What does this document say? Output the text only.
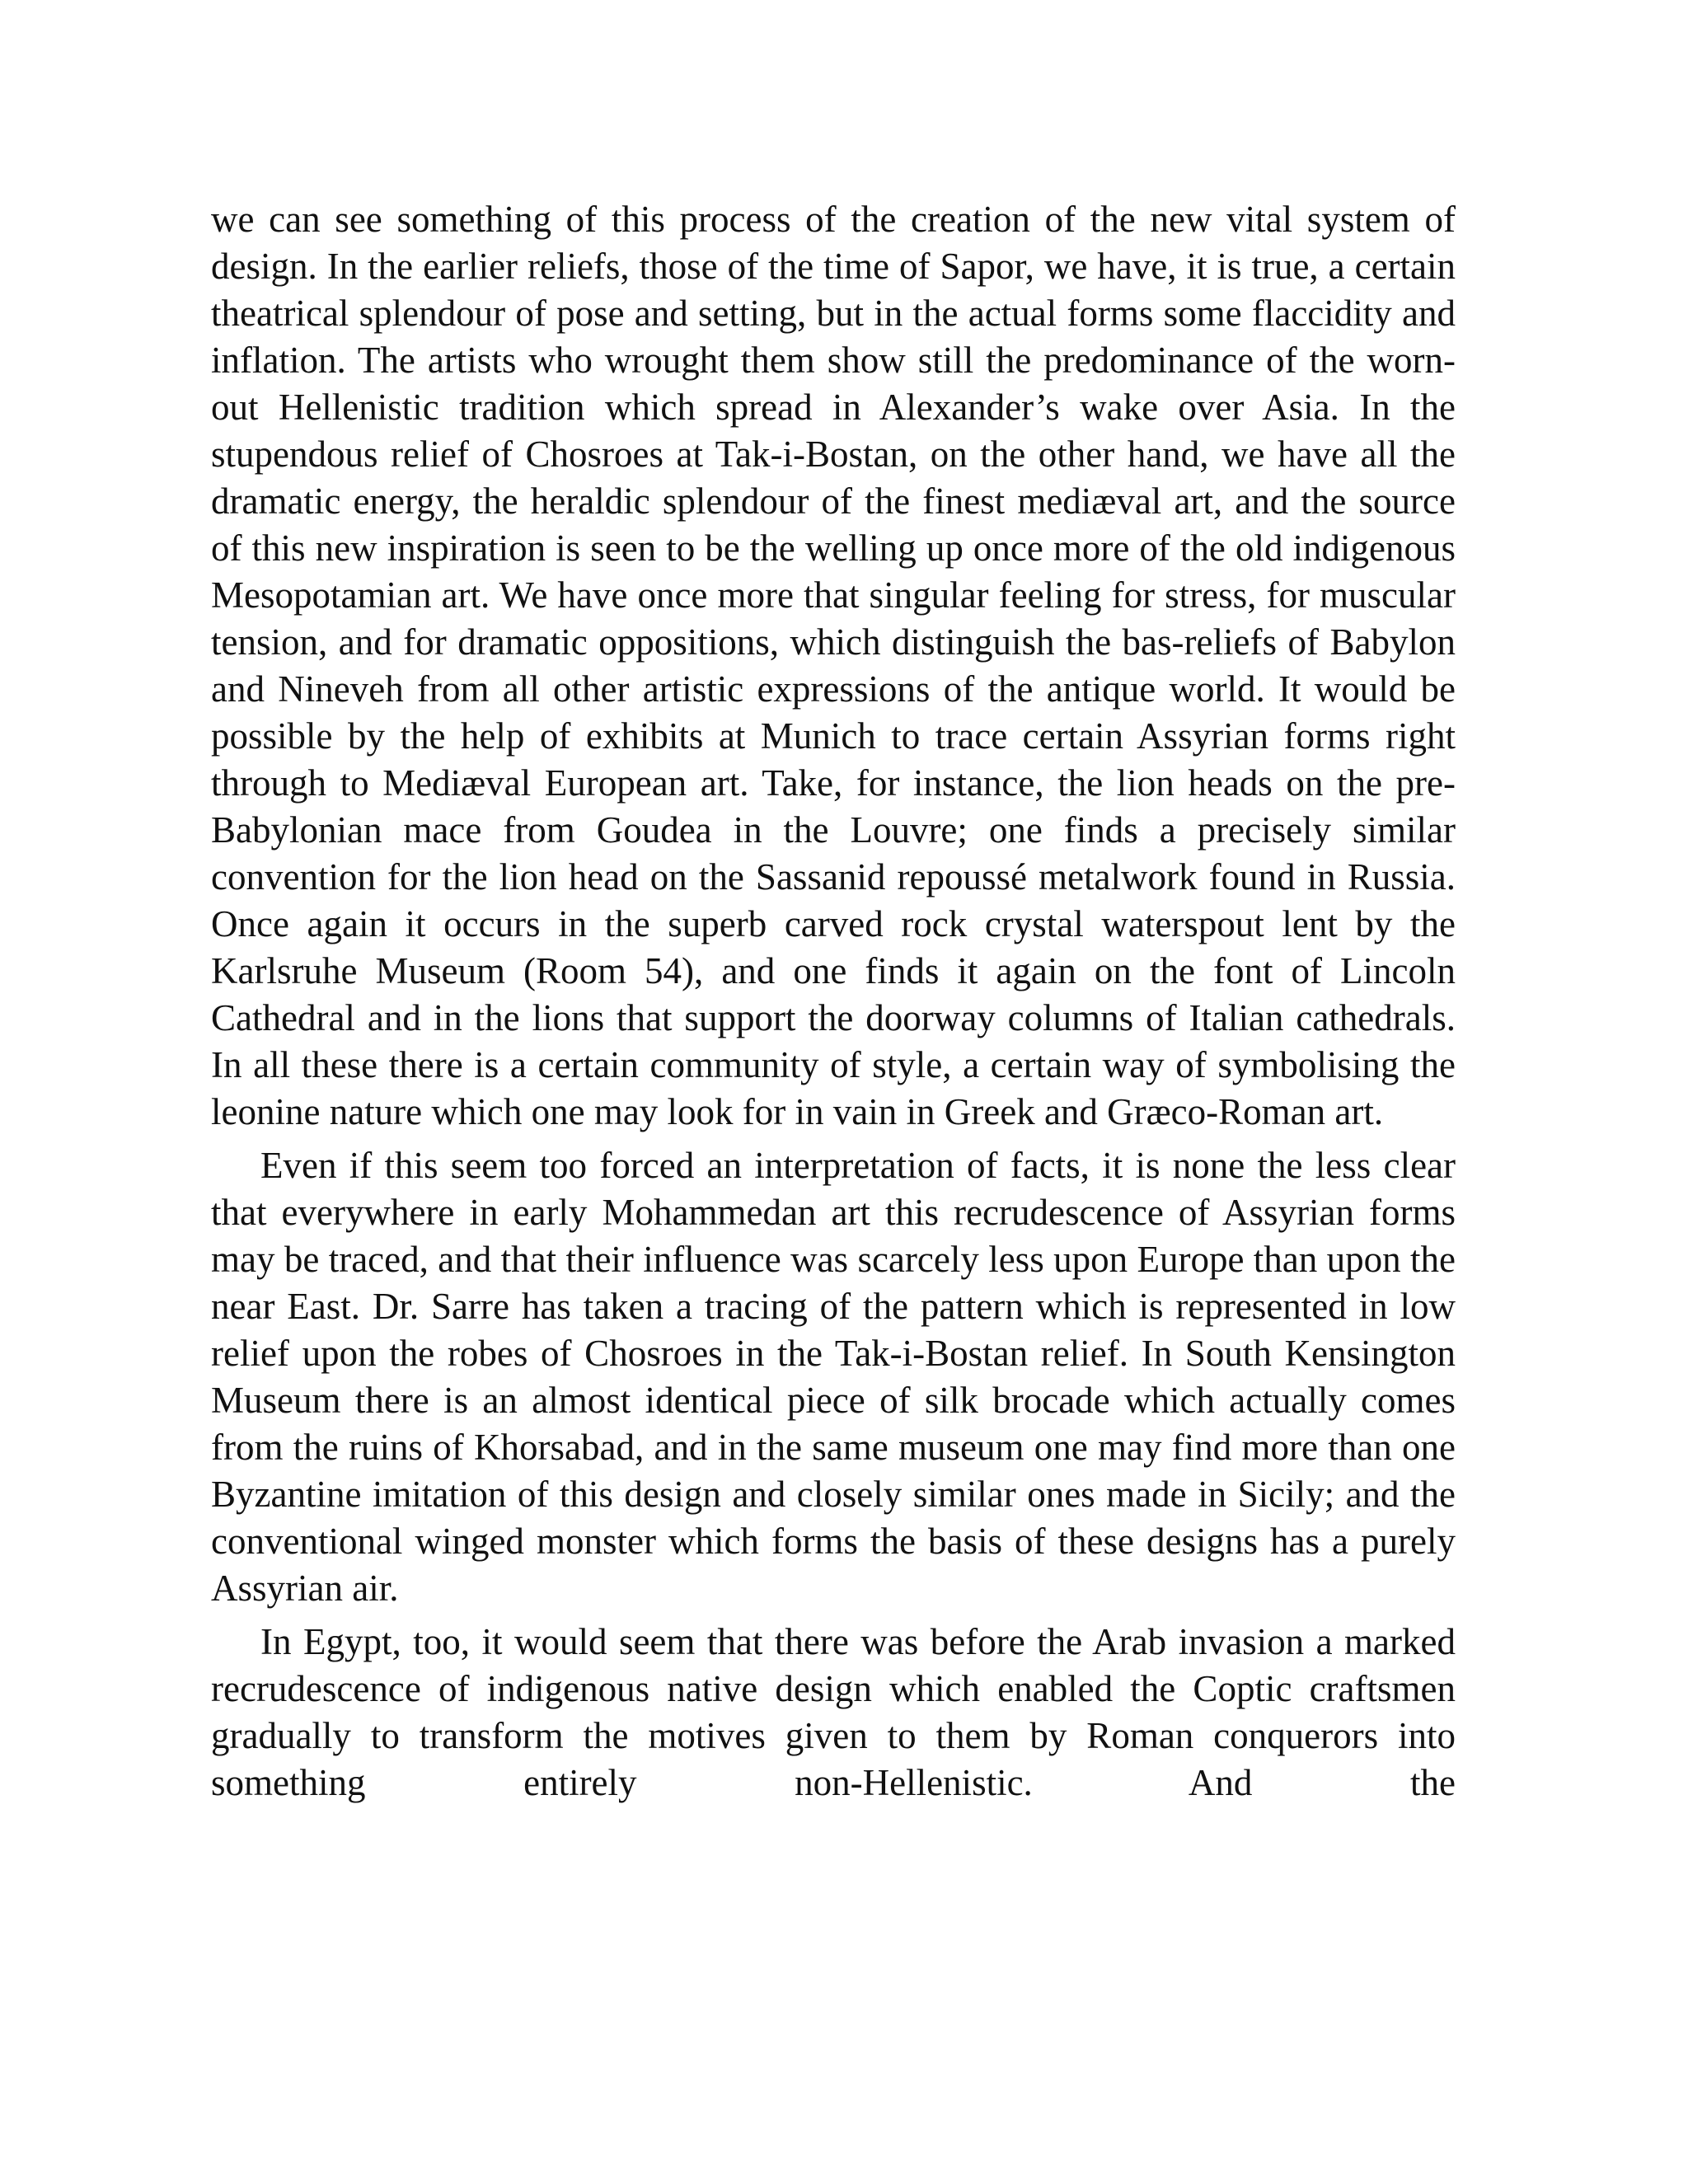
we can see something of this process of the creation of the new vital system of design. In the earlier reliefs, those of the time of Sapor, we have, it is true, a certain theatrical splendour of pose and setting, but in the actual forms some flaccidity and inflation. The artists who wrought them show still the predominance of the worn-out Hellenistic tradition which spread in Alexander’s wake over Asia. In the stupendous relief of Chosroes at Tak-i-Bostan, on the other hand, we have all the dramatic energy, the heraldic splendour of the finest mediæval art, and the source of this new inspiration is seen to be the welling up once more of the old indigenous Mesopotamian art. We have once more that singular feeling for stress, for muscular tension, and for dramatic oppositions, which distinguish the bas-reliefs of Babylon and Nineveh from all other artistic expressions of the antique world. It would be possible by the help of exhibits at Munich to trace certain Assyrian forms right through to Mediæval European art. Take, for instance, the lion heads on the pre-Babylonian mace from Goudea in the Louvre; one finds a precisely similar convention for the lion head on the Sassanid repoussé metalwork found in Russia. Once again it occurs in the superb carved rock crystal waterspout lent by the Karlsruhe Museum (Room 54), and one finds it again on the font of Lincoln Cathedral and in the lions that support the doorway columns of Italian cathedrals. In all these there is a certain community of style, a certain way of symbolising the leonine nature which one may look for in vain in Greek and Græco-Roman art.

Even if this seem too forced an interpretation of facts, it is none the less clear that everywhere in early Mohammedan art this recrudescence of Assyrian forms may be traced, and that their influence was scarcely less upon Europe than upon the near East. Dr. Sarre has taken a tracing of the pattern which is represented in low relief upon the robes of Chosroes in the Tak-i-Bostan relief. In South Kensington Museum there is an almost identical piece of silk brocade which actually comes from the ruins of Khorsabad, and in the same museum one may find more than one Byzantine imitation of this design and closely similar ones made in Sicily; and the conventional winged monster which forms the basis of these designs has a purely Assyrian air.

In Egypt, too, it would seem that there was before the Arab invasion a marked recrudescence of indigenous native design which enabled the Coptic craftsmen gradually to transform the motives given to them by Roman conquerors into something entirely non-Hellenistic. And the
